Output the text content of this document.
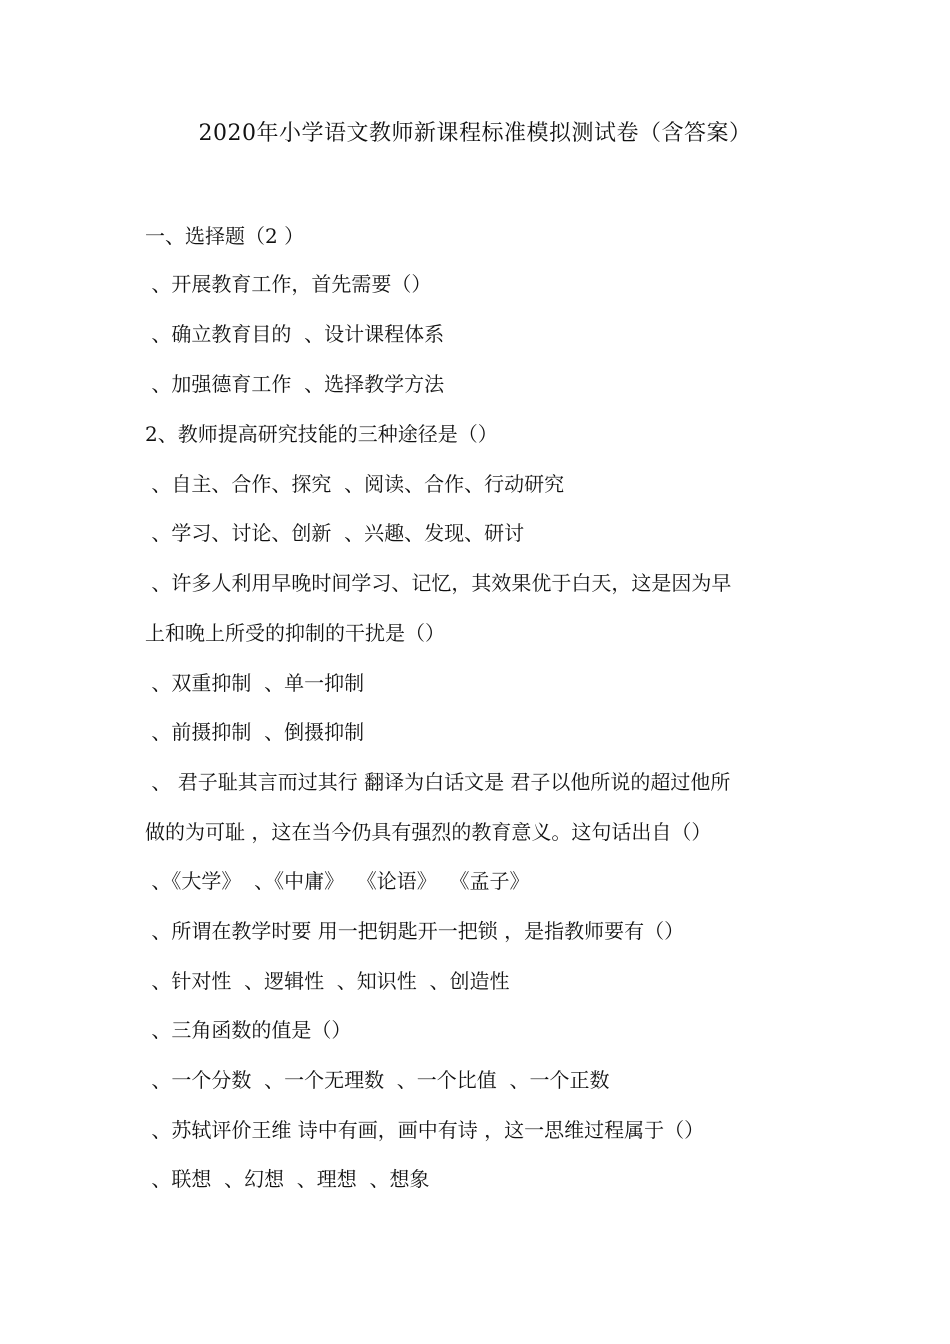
2020年小学语文教师新课程标准模拟测试卷（含答案）
一、选择题（2 ）
、开展教育工作，首先需要（）
、确立教育目的  、设计课程体系
、加强德育工作  、选择教学方法
2、教师提高研究技能的三种途径是（）
、自主、合作、探究  、阅读、合作、行动研究
、学习、讨论、创新  、兴趣、发现、研讨
、许多人利用早晚时间学习、记忆，其效果优于白天，这是因为早
上和晚上所受的抑制的干扰是（）
、双重抑制  、单一抑制
、前摄抑制  、倒摄抑制
、 君子耻其言而过其行 翻译为白话文是 君子以他所说的超过他所
做的为可耻 ，这在当今仍具有强烈的教育意义。这句话出自（）
、《大学》  、《中庸》  《论语》  《孟子》
、所谓在教学时要 用一把钥匙开一把锁 ，是指教师要有（）
、针对性  、逻辑性  、知识性  、创造性
、三角函数的值是（）
、一个分数  、一个无理数  、一个比值  、一个正数
、苏轼评价王维 诗中有画，画中有诗 ，这一思维过程属于（）
、联想  、幻想  、理想  、想象
